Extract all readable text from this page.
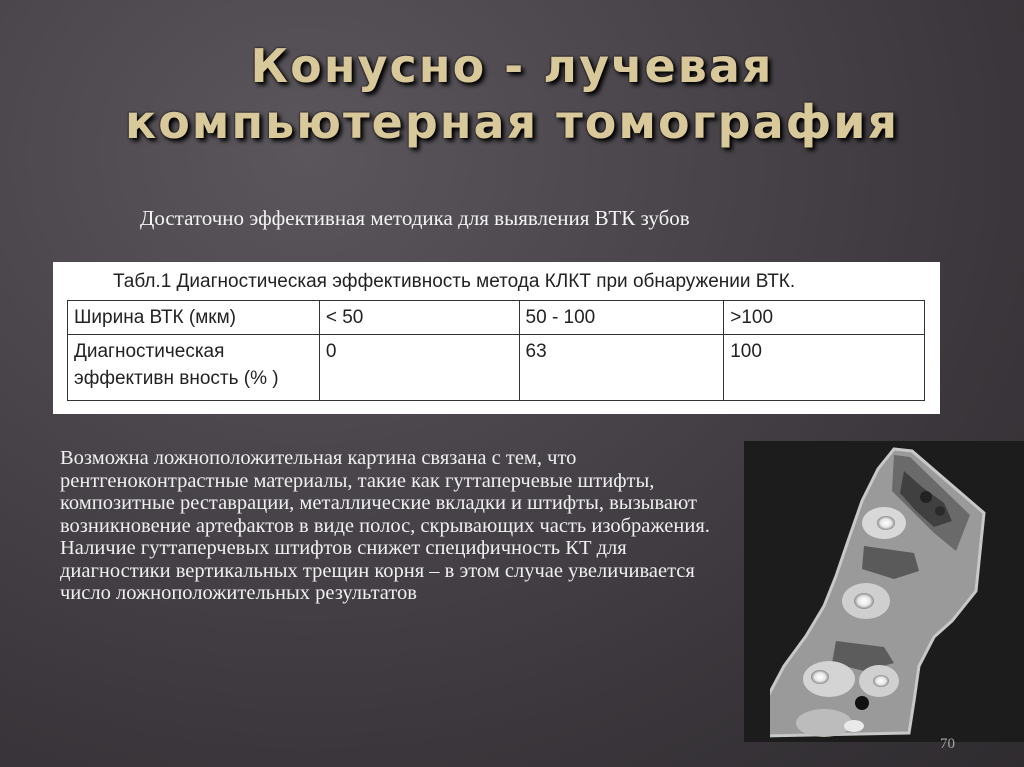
Конусно - лучевая
компьютерная томография
Достаточно эффективная методика для выявления ВТК зубов
Табл.1 Диагностическая эффективность метода КЛКТ при обнаружении ВТК.
Ширина ВТК (мкм)	< 50	50 - 100	>100
Диагностическая эффективн вность (% )	0	63	100
Возможна ложноположительная картина связана с тем, что рентгеноконтрастные материалы, такие как гуттаперчевые штифты, композитные реставрации, металлические вкладки и штифты, вызывают возникновение артефактов в виде полос, скрывающих часть изображения. Наличие гуттаперчевых штифтов снижет специфичность КТ для диагностики вертикальных трещин корня – в этом случае увеличивается число ложноположительных результатов
70
